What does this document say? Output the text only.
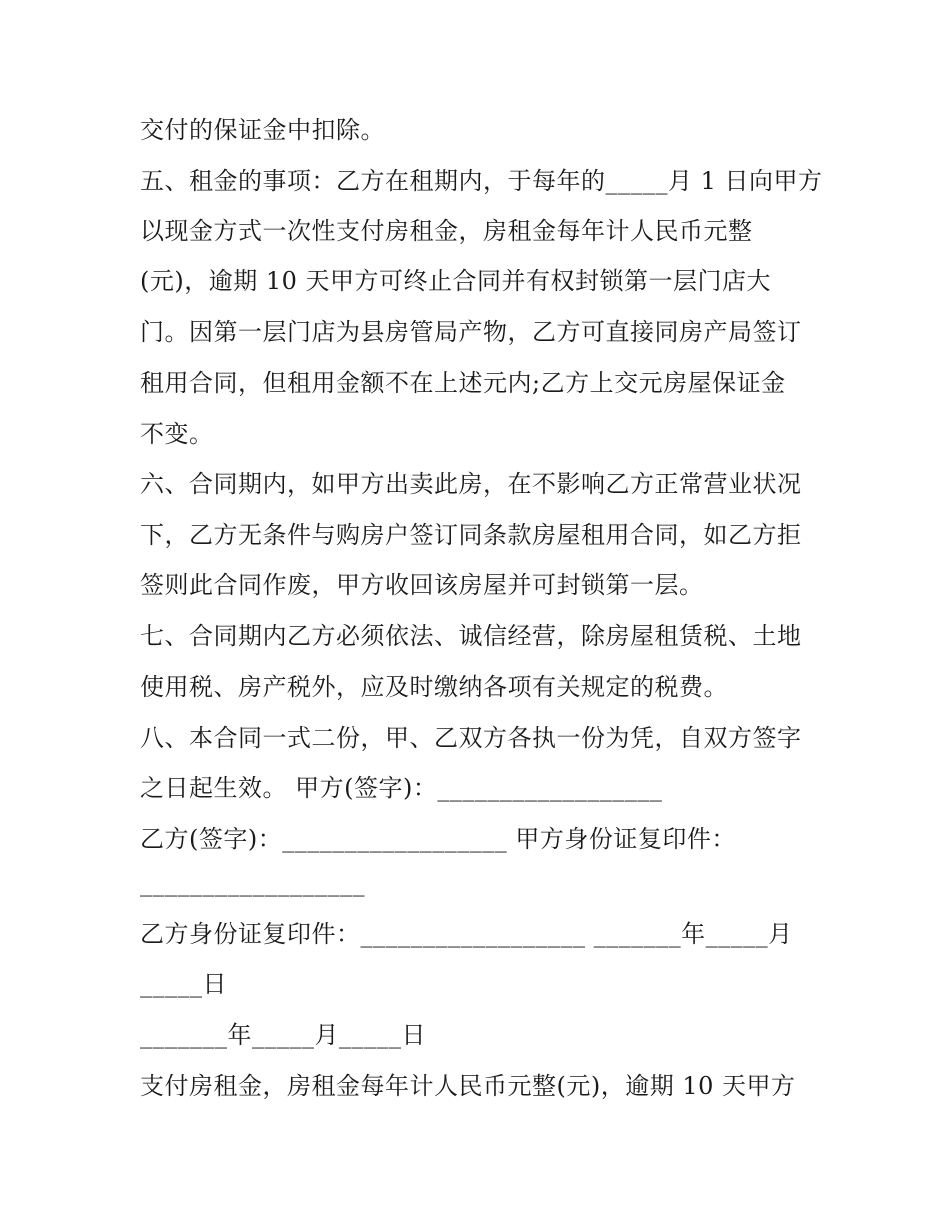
交付的保证金中扣除。

五、租金的事项：乙方在租期内，于每年的_____月 1 日向甲方

以现金方式一次性支付房租金，房租金每年计人民币元整

(元)，逾期 10 天甲方可终止合同并有权封锁第一层门店大

门。因第一层门店为县房管局产物，乙方可直接同房产局签订

租用合同，但租用金额不在上述元内;乙方上交元房屋保证金

不变。

六、合同期内，如甲方出卖此房，在不影响乙方正常营业状况

下，乙方无条件与购房户签订同条款房屋租用合同，如乙方拒

签则此合同作废，甲方收回该房屋并可封锁第一层。

七、合同期内乙方必须依法、诚信经营，除房屋租赁税、土地

使用税、房产税外，应及时缴纳各项有关规定的税费。

八、本合同一式二份，甲、乙双方各执一份为凭，自双方签字

之日起生效。 甲方(签字)：__________________

乙方(签字)：__________________ 甲方身份证复印件：

__________________

乙方身份证复印件：__________________ _______年_____月

_____日

_______年_____月_____日

支付房租金，房租金每年计人民币元整(元)，逾期 10 天甲方
